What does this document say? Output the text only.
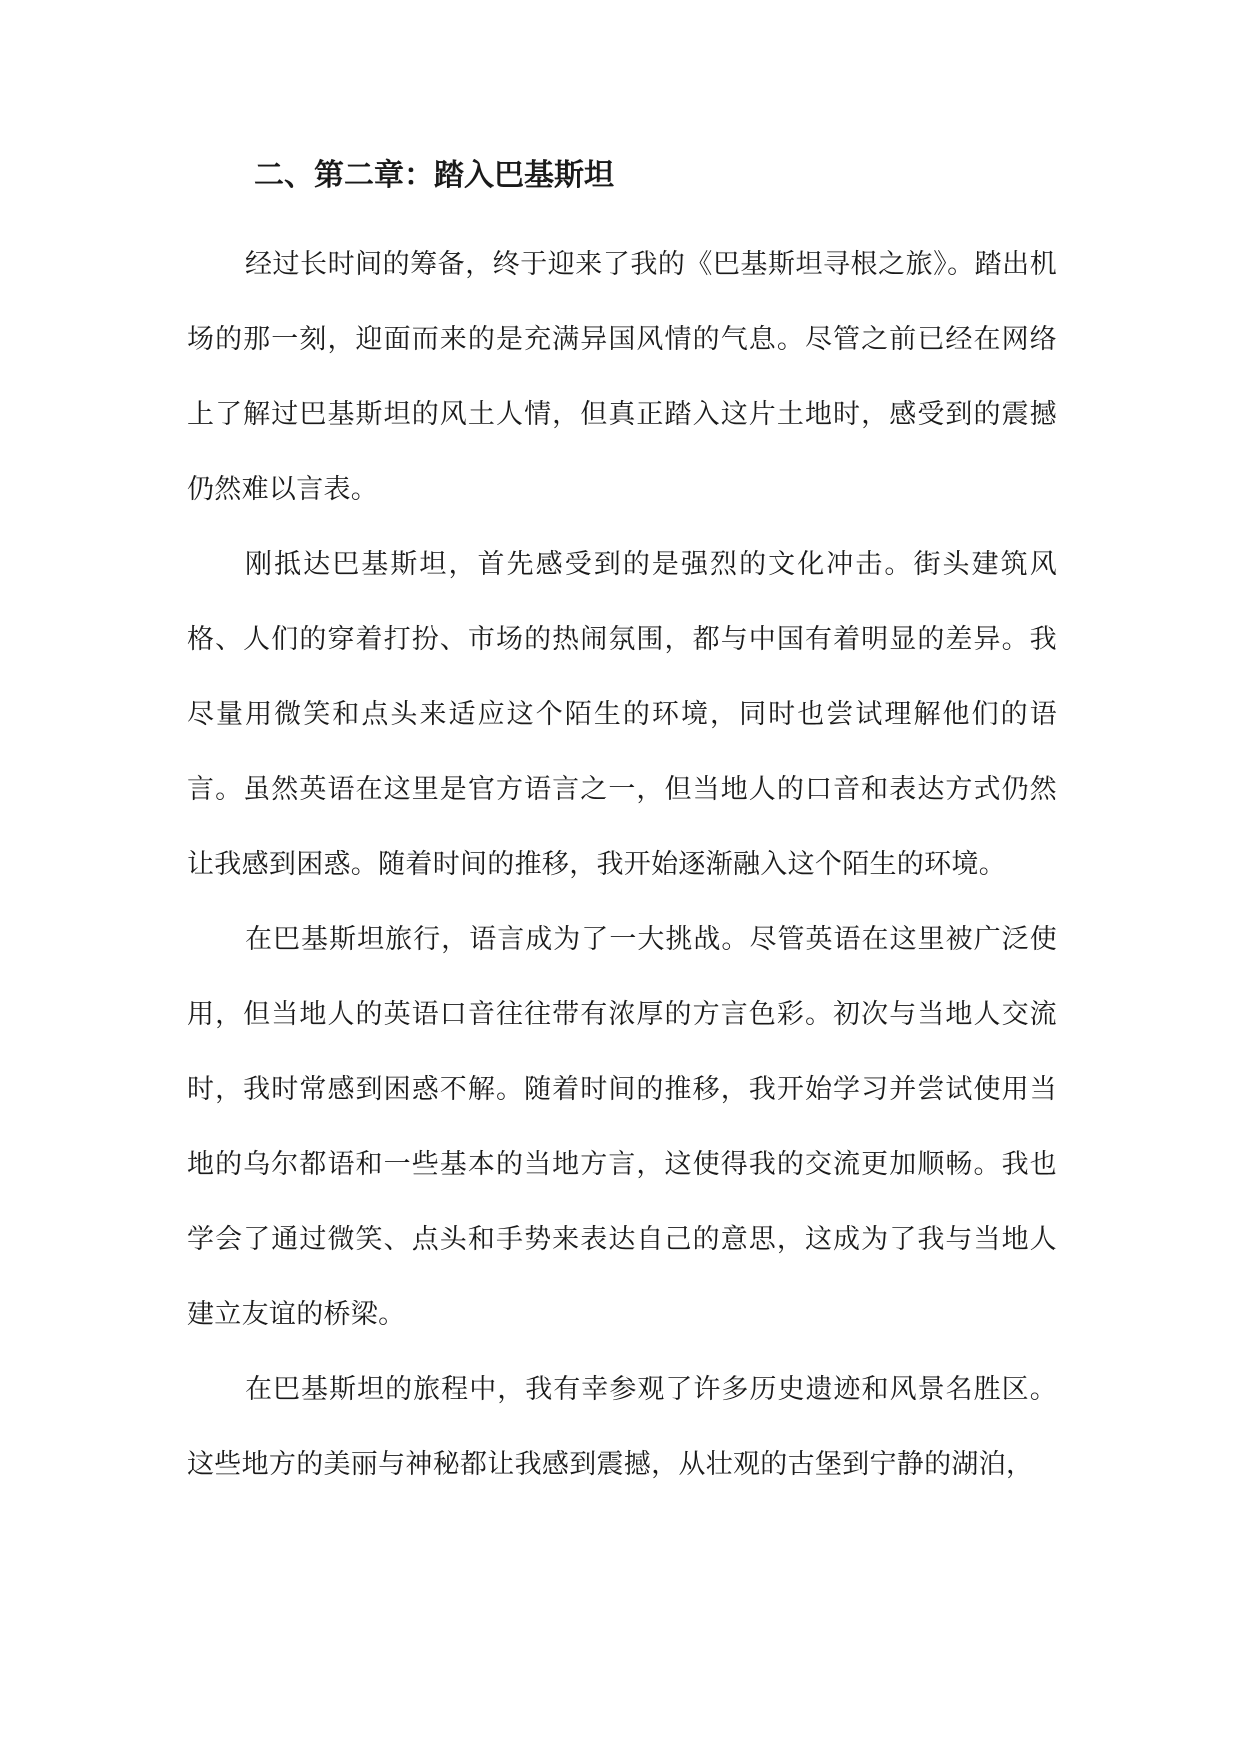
二、第二章：踏入巴基斯坦

经过长时间的筹备，终于迎来了我的《巴基斯坦寻根之旅》。踏出机场的那一刻，迎面而来的是充满异国风情的气息。尽管之前已经在网络上了解过巴基斯坦的风土人情，但真正踏入这片土地时，感受到的震撼仍然难以言表。

刚抵达巴基斯坦，首先感受到的是强烈的文化冲击。街头建筑风格、人们的穿着打扮、市场的热闹氛围，都与中国有着明显的差异。我尽量用微笑和点头来适应这个陌生的环境，同时也尝试理解他们的语言。虽然英语在这里是官方语言之一，但当地人的口音和表达方式仍然让我感到困惑。随着时间的推移，我开始逐渐融入这个陌生的环境。

在巴基斯坦旅行，语言成为了一大挑战。尽管英语在这里被广泛使用，但当地人的英语口音往往带有浓厚的方言色彩。初次与当地人交流时，我时常感到困惑不解。随着时间的推移，我开始学习并尝试使用当地的乌尔都语和一些基本的当地方言，这使得我的交流更加顺畅。我也学会了通过微笑、点头和手势来表达自己的意思，这成为了我与当地人建立友谊的桥梁。

在巴基斯坦的旅程中，我有幸参观了许多历史遗迹和风景名胜区。这些地方的美丽与神秘都让我感到震撼，从壮观的古堡到宁静的湖泊，
